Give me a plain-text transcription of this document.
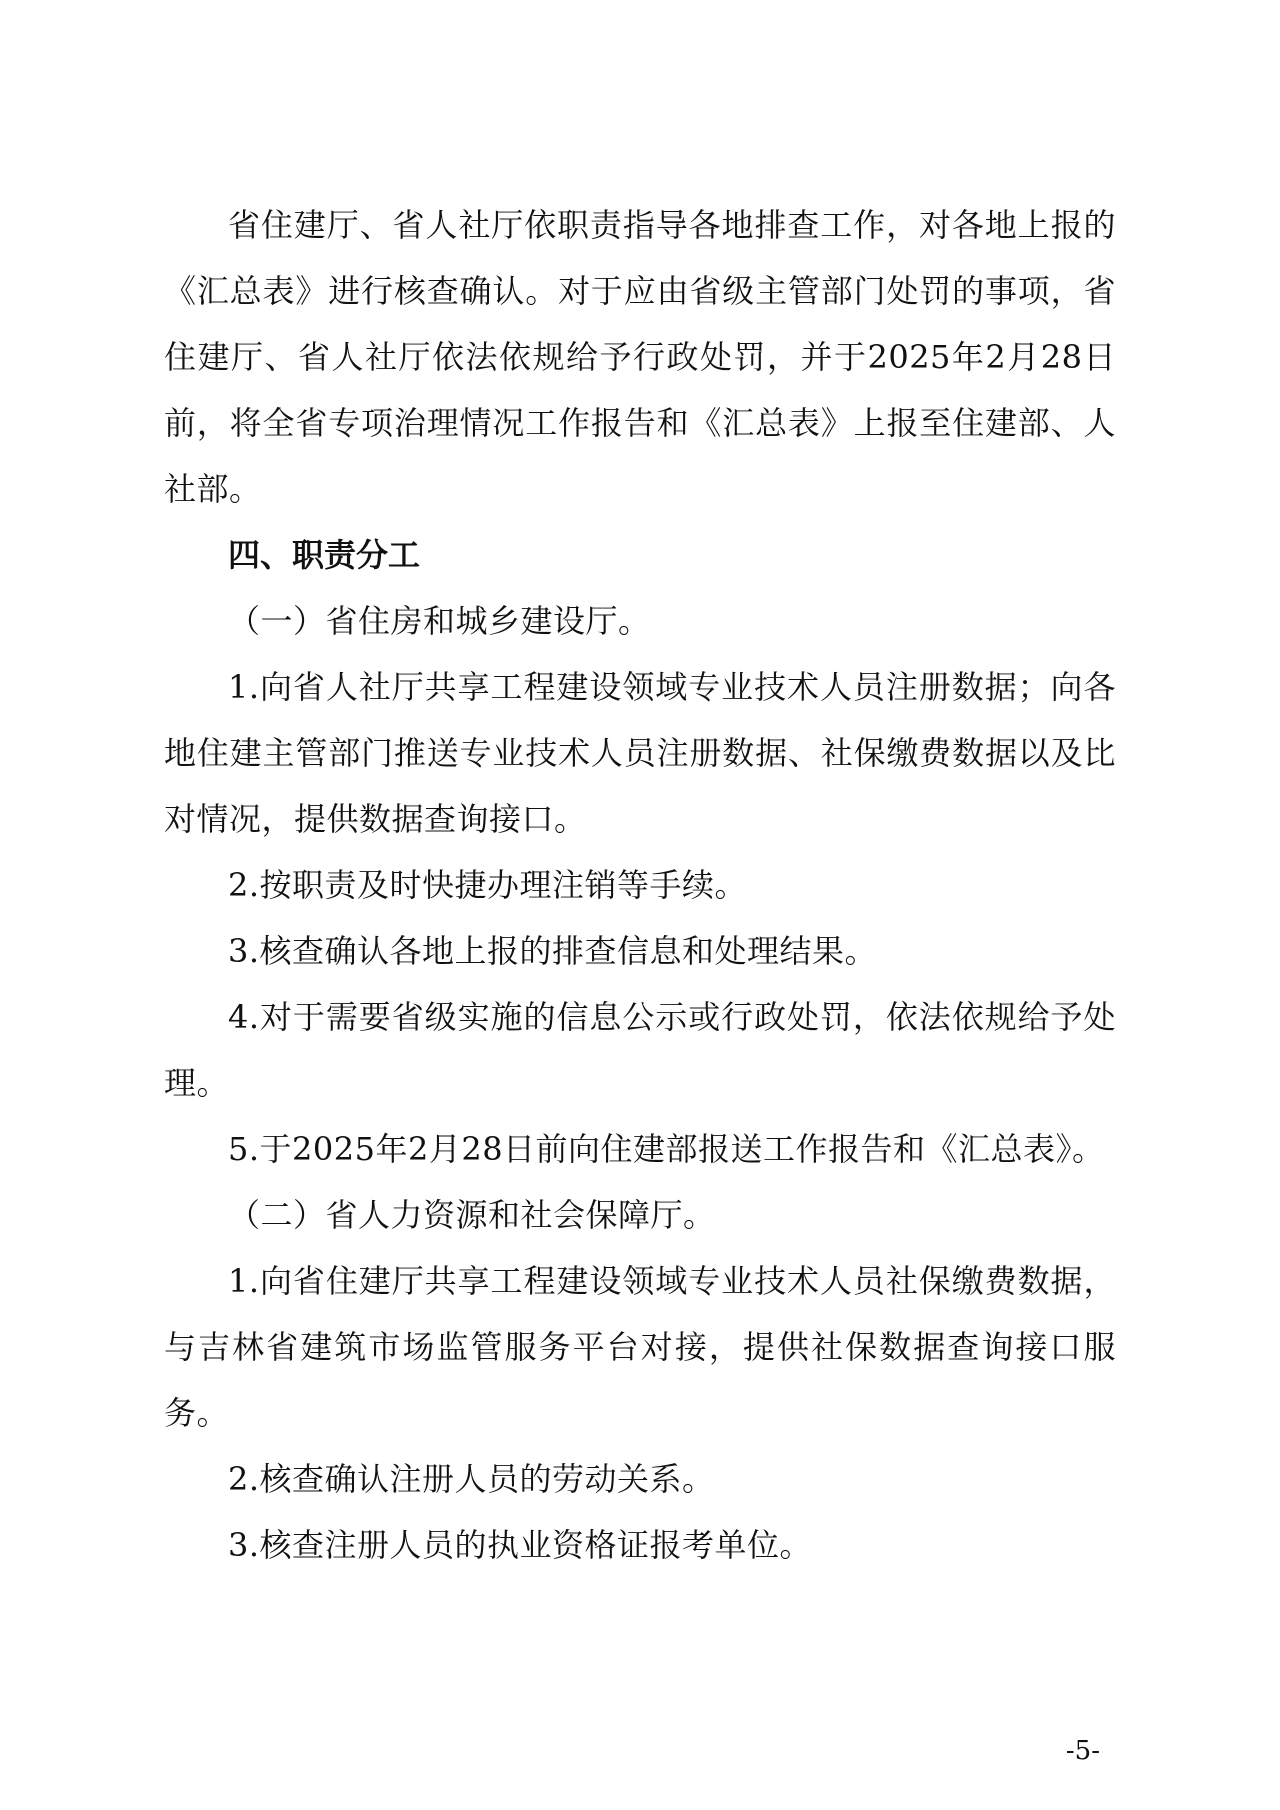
省住建厅、省人社厅依职责指导各地排查工作，对各地上报的《汇总表》进行核查确认。对于应由省级主管部门处罚的事项，省住建厅、省人社厅依法依规给予行政处罚，并于2025年2月28日前，将全省专项治理情况工作报告和《汇总表》上报至住建部、人社部。

四、职责分工

（一）省住房和城乡建设厅。

1.向省人社厅共享工程建设领域专业技术人员注册数据；向各地住建主管部门推送专业技术人员注册数据、社保缴费数据以及比对情况，提供数据查询接口。

2.按职责及时快捷办理注销等手续。

3.核查确认各地上报的排查信息和处理结果。

4.对于需要省级实施的信息公示或行政处罚，依法依规给予处理。

5.于2025年2月28日前向住建部报送工作报告和《汇总表》。

（二）省人力资源和社会保障厅。

1.向省住建厅共享工程建设领域专业技术人员社保缴费数据，与吉林省建筑市场监管服务平台对接，提供社保数据查询接口服务。

2.核查确认注册人员的劳动关系。

3.核查注册人员的执业资格证报考单位。

-5-
